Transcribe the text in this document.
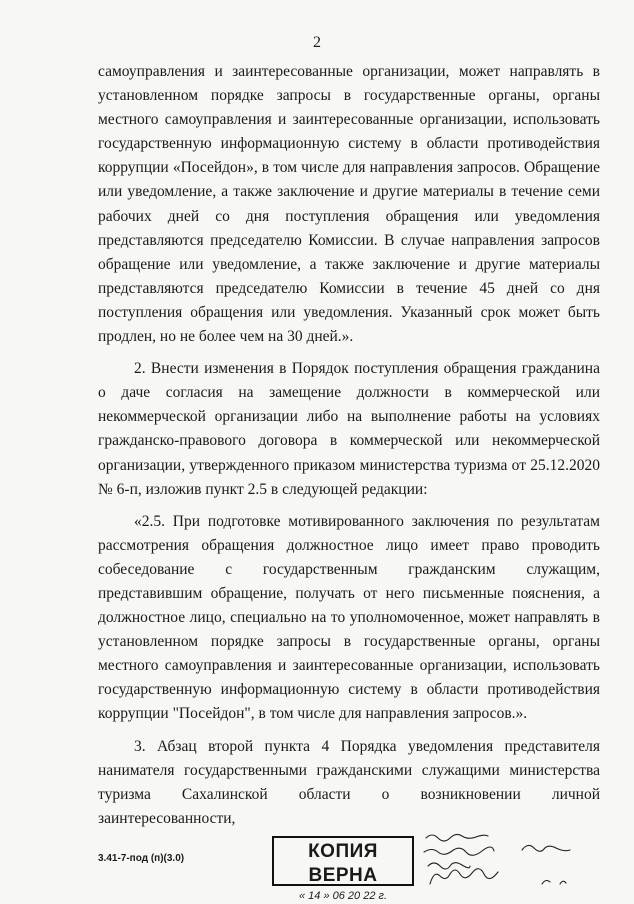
2

самоуправления и заинтересованные организации, может направлять в установленном порядке запросы в государственные органы, органы местного самоуправления и заинтересованные организации, использовать государственную информационную систему в области противодействия коррупции «Посейдон», в том числе для направления запросов. Обращение или уведомление, а также заключение и другие материалы в течение семи рабочих дней со дня поступления обращения или уведомления представляются председателю Комиссии. В случае направления запросов обращение или уведомление, а также заключение и другие материалы представляются председателю Комиссии в течение 45 дней со дня поступления обращения или уведомления. Указанный срок может быть продлен, но не более чем на 30 дней.».

2. Внести изменения в Порядок поступления обращения гражданина о даче согласия на замещение должности в коммерческой или некоммерческой организации либо на выполнение работы на условиях гражданско-правового договора в коммерческой или некоммерческой организации, утвержденного приказом министерства туризма от 25.12.2020 № 6-п, изложив пункт 2.5 в следующей редакции:

«2.5. При подготовке мотивированного заключения по результатам рассмотрения обращения должностное лицо имеет право проводить собеседование с государственным гражданским служащим, представившим обращение, получать от него письменные пояснения, а должностное лицо, специально на то уполномоченное, может направлять в установленном порядке запросы в государственные органы, органы местного самоуправления и заинтересованные организации, использовать государственную информационную систему в области противодействия коррупции "Посейдон", в том числе для направления запросов.».

3. Абзац второй пункта 4 Порядка уведомления представителя нанимателя государственными гражданскими служащими министерства туризма Сахалинской области о возникновении личной заинтересованности,

3.41-7-под (п)(3.0)	КОПИЯ ВЕРНА
« 14 » 06 20 22 г.
